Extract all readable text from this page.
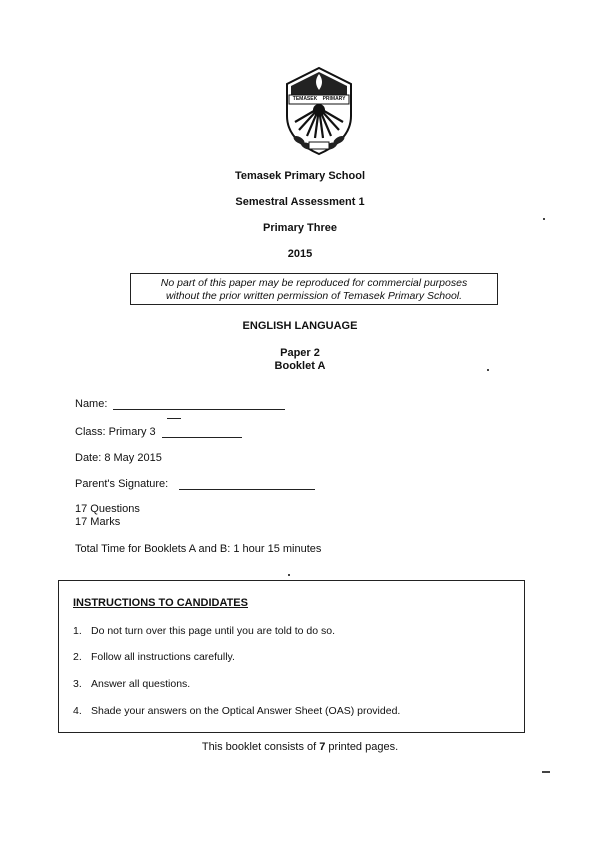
TEMASEK	PRIMARY
Temasek Primary School
Semestral Assessment 1
Primary Three
2015
No part of this paper may be reproduced for commercial purposes
without the prior written permission of Temasek Primary School.
ENGLISH LANGUAGE
Paper 2
Booklet A
Name:
Class: Primary 3
Date: 8 May 2015
Parent's Signature:
17 Questions
17 Marks
Total Time for Booklets A and B: 1 hour 15 minutes
INSTRUCTIONS TO CANDIDATES
1. Do not turn over this page until you are told to do so.
2. Follow all instructions carefully.
3. Answer all questions.
4. Shade your answers on the Optical Answer Sheet (OAS) provided.
This booklet consists of 7 printed pages.
